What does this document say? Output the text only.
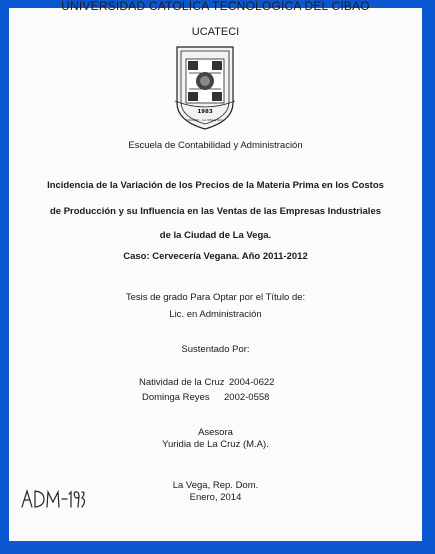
UNIVERSIDAD CATOLICA TECNOLOGICA DEL CIBAO
UCATECI
1983
UCATECI - LA VEGA, R.D.
Escuela de Contabilidad y Administración
Incidencia de la Variación de los Precios de la Materia Prima en los Costos
de Producción y su Influencia en las Ventas de las Empresas Industriales
de la Ciudad de La Vega.
Caso: Cervecería Vegana. Año 2011-2012
Tesis de grado Para Optar por el Título de:
Lic. en Administración
Sustentado Por:
Natividad de la Cruz 2004-0622
Dominga Reyes 2002-0558
Asesora
Yuridia de La Cruz (M.A).
La Vega, Rep. Dom.
Enero, 2014
